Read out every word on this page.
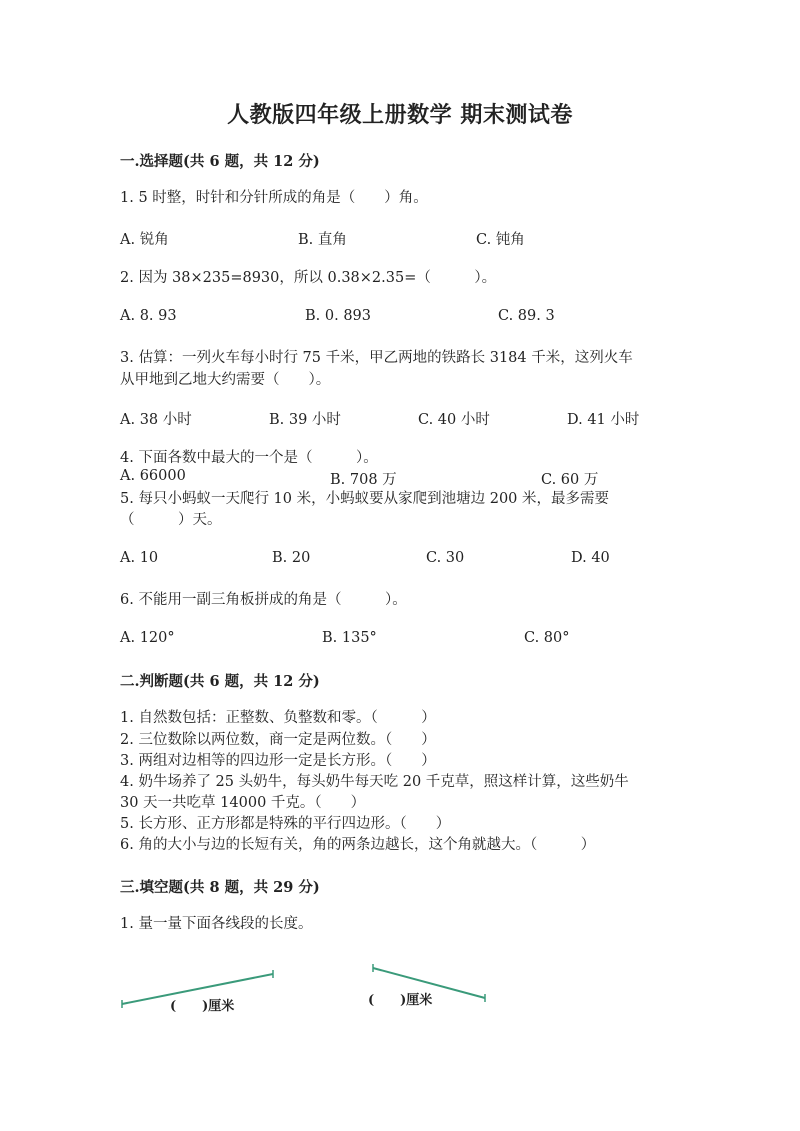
人教版四年级上册数学 期末测试卷
一.选择题(共 6 题，共 12 分)
1. 5 时整，时针和分针所成的角是（　　）角。
A. 锐角	B. 直角	C. 钝角
2. 因为 38×235=8930，所以 0.38×2.35=（　　　）。
A. 8. 93	B. 0. 893	C. 89. 3
3. 估算：一列火车每小时行 75 千米，甲乙两地的铁路长 3184 千米，这列火车
从甲地到乙地大约需要（　　）。
A. 38 小时	B. 39 小时	C. 40 小时	D. 41 小时
4. 下面各数中最大的一个是（　　　）。
A. 66000	B. 708 万	C. 60 万
5. 每只小蚂蚁一天爬行 10 米，小蚂蚁要从家爬到池塘边 200 米，最多需要
（　　　）天。
A. 10	B. 20	C. 30	D. 40
6. 不能用一副三角板拼成的角是（　　　）。
A. 120°	B. 135°	C. 80°
二.判断题(共 6 题，共 12 分)
1. 自然数包括：正整数、负整数和零。（　　　）
2. 三位数除以两位数，商一定是两位数。（　　）
3. 两组对边相等的四边形一定是长方形。（　　）
4. 奶牛场养了 25 头奶牛，每头奶牛每天吃 20 千克草，照这样计算，这些奶牛
30 天一共吃草 14000 千克。（　　）
5. 长方形、正方形都是特殊的平行四边形。（　　）
6. 角的大小与边的长短有关，角的两条边越长，这个角就越大。（　　　）
三.填空题(共 8 题，共 29 分)
1. 量一量下面各线段的长度。
(　　)厘米	(　　)厘米
